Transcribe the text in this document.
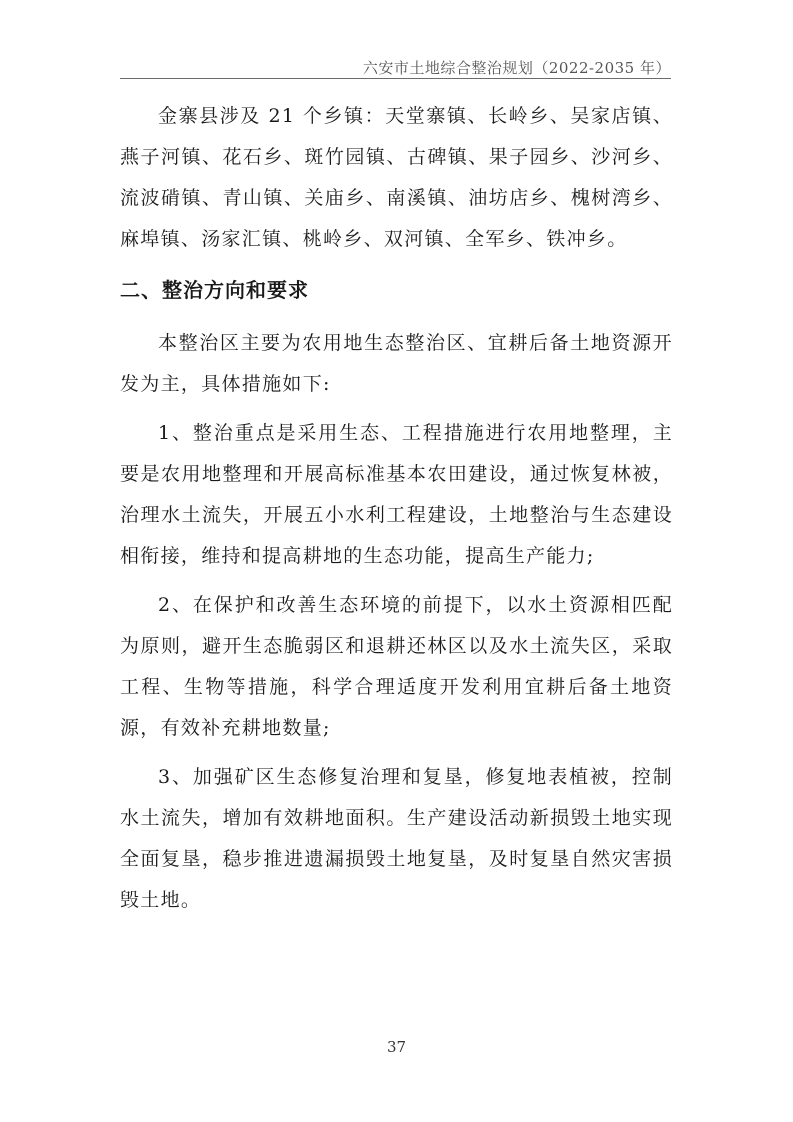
六安市土地综合整治规划（2022-2035 年）

金寨县涉及 21 个乡镇：天堂寨镇、长岭乡、吴家店镇、燕子河镇、花石乡、斑竹园镇、古碑镇、果子园乡、沙河乡、流波𬒔镇、青山镇、关庙乡、南溪镇、油坊店乡、槐树湾乡、麻埠镇、汤家汇镇、桃岭乡、双河镇、全军乡、铁冲乡。

二、整治方向和要求

本整治区主要为农用地生态整治区、宜耕后备土地资源开发为主，具体措施如下:

1、整治重点是采用生态、工程措施进行农用地整理，主要是农用地整理和开展高标准基本农田建设，通过恢复林被，治理水土流失，开展五小水利工程建设，土地整治与生态建设相衔接，维持和提高耕地的生态功能，提高生产能力;

2、在保护和改善生态环境的前提下，以水土资源相匹配为原则，避开生态脆弱区和退耕还林区以及水土流失区，采取工程、生物等措施，科学合理适度开发利用宜耕后备土地资源，有效补充耕地数量;

3、加强矿区生态修复治理和复垦，修复地表植被，控制水土流失，增加有效耕地面积。生产建设活动新损毁土地实现全面复垦，稳步推进遗漏损毁土地复垦，及时复垦自然灾害损毁土地。

37
